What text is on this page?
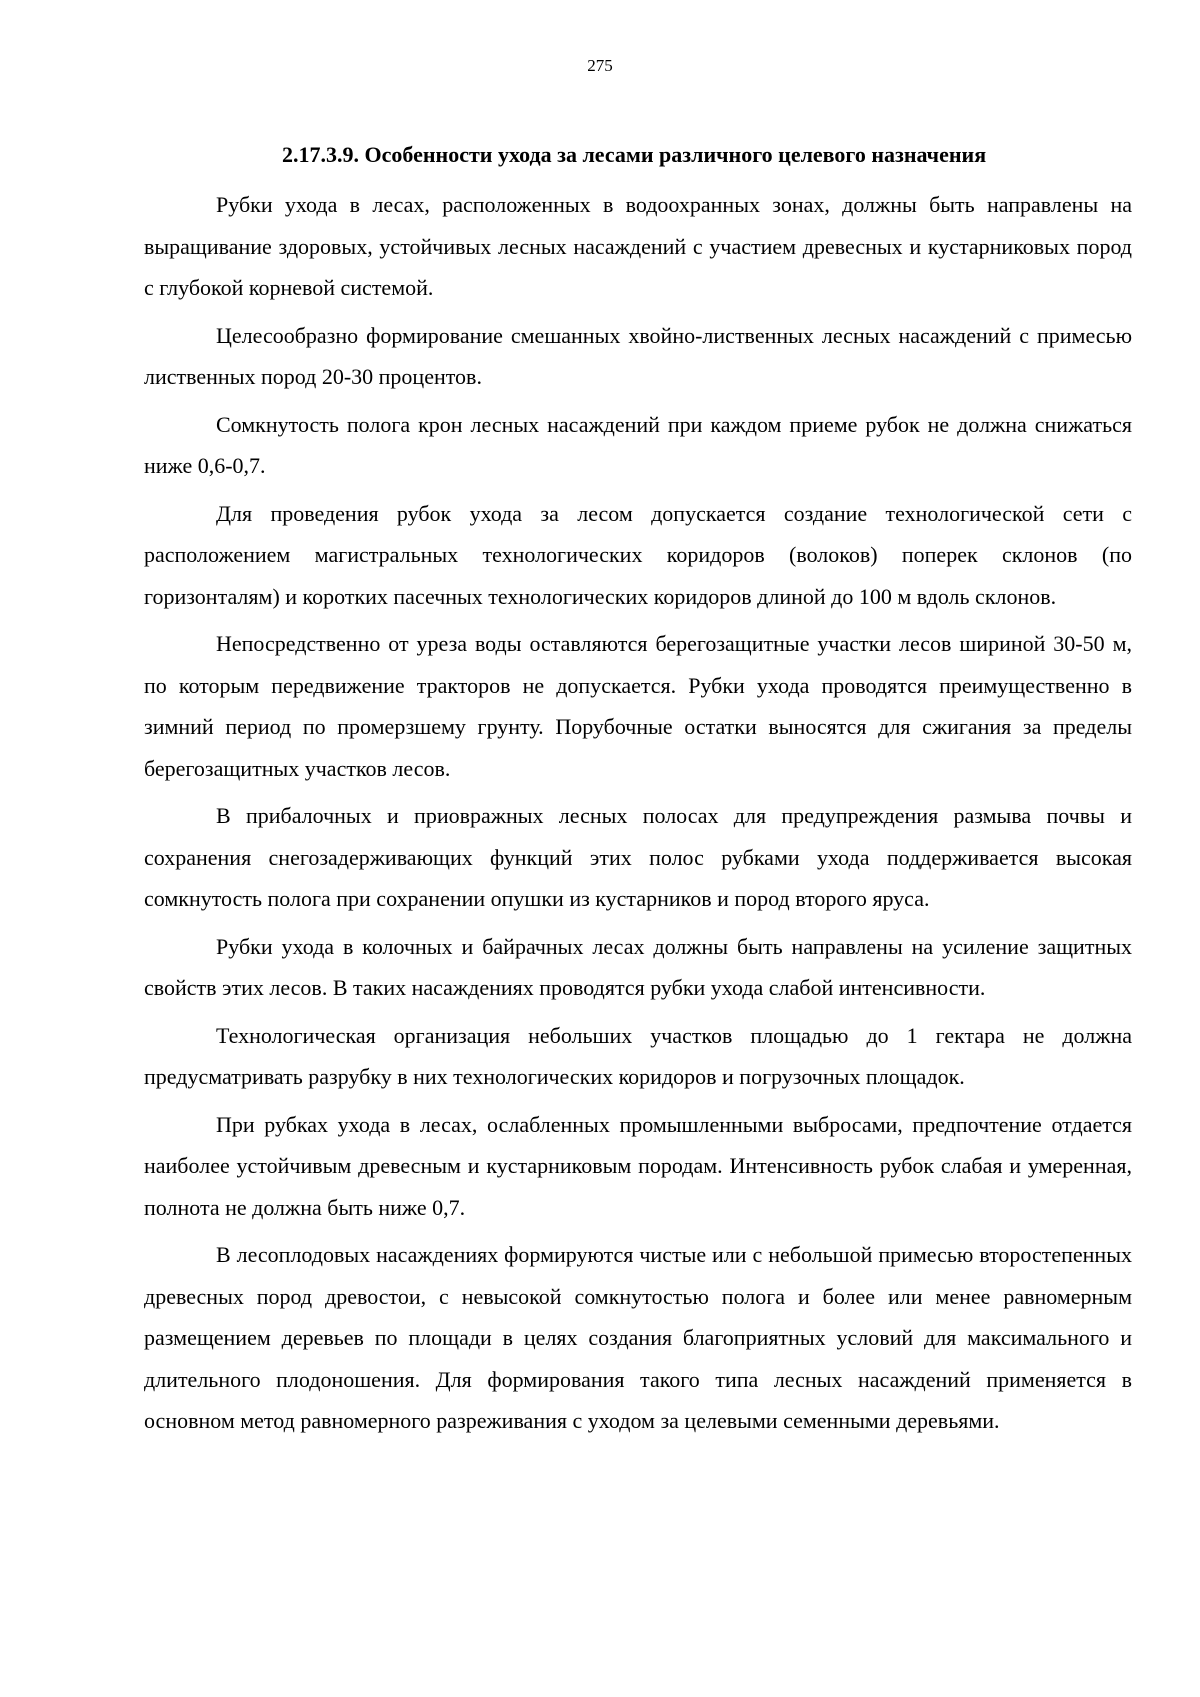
275
2.17.3.9. Особенности ухода за лесами различного целевого назначения

Рубки ухода в лесах, расположенных в водоохранных зонах, должны быть направлены на выращивание здоровых, устойчивых лесных насаждений с участием древесных и кустарниковых пород с глубокой корневой системой.

Целесообразно формирование смешанных хвойно-лиственных лесных насаждений с примесью лиственных пород 20-30 процентов.

Сомкнутость полога крон лесных насаждений при каждом приеме рубок не должна снижаться ниже 0,6-0,7.

Для проведения рубок ухода за лесом допускается создание технологической сети с расположением магистральных технологических коридоров (волоков) поперек склонов (по горизонталям) и коротких пасечных технологических коридоров длиной до 100 м вдоль склонов.

Непосредственно от уреза воды оставляются берегозащитные участки лесов шириной 30-50 м, по которым передвижение тракторов не допускается. Рубки ухода проводятся преимущественно в зимний период по промерзшему грунту. Порубочные остатки выносятся для сжигания за пределы берегозащитных участков лесов.

В прибалочных и приовражных лесных полосах для предупреждения размыва почвы и сохранения снегозадерживающих функций этих полос рубками ухода поддерживается высокая сомкнутость полога при сохранении опушки из кустарников и пород второго яруса.

Рубки ухода в колочных и байрачных лесах должны быть направлены на усиление защитных свойств этих лесов. В таких насаждениях проводятся рубки ухода слабой интенсивности.

Технологическая организация небольших участков площадью до 1 гектара не должна предусматривать разрубку в них технологических коридоров и погрузочных площадок.

При рубках ухода в лесах, ослабленных промышленными выбросами, предпочтение отдается наиболее устойчивым древесным и кустарниковым породам. Интенсивность рубок слабая и умеренная, полнота не должна быть ниже 0,7.

В лесоплодовых насаждениях формируются чистые или с небольшой примесью второстепенных древесных пород древостои, с невысокой сомкнутостью полога и более или менее равномерным размещением деревьев по площади в целях создания благоприятных условий для максимального и длительного плодоношения. Для формирования такого типа лесных насаждений применяется в основном метод равномерного разреживания с уходом за целевыми семенными деревьями.
